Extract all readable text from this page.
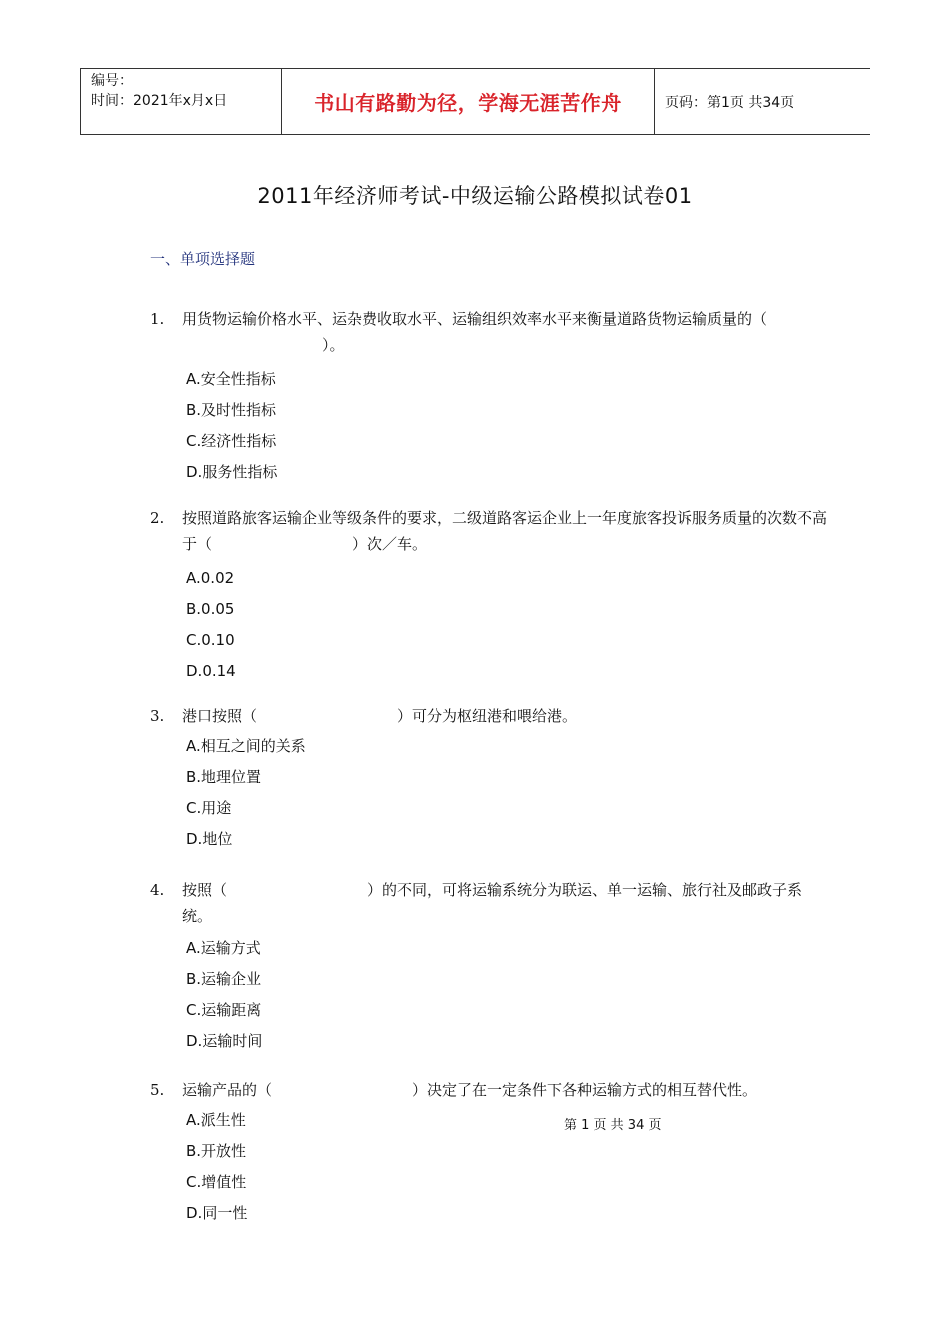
编号：
时间：2021年x月x日	书山有路勤为径，学海无涯苦作舟	页码：第1页 共34页
2011年经济师考试-中级运输公路模拟试卷01
一、单项选择题
1. 用货物运输价格水平、运杂费收取水平、运输组织效率水平来衡量道路货物运输质量的（）。
A.安全性指标
B.及时性指标
C.经济性指标
D.服务性指标
2. 按照道路旅客运输企业等级条件的要求，二级道路客运企业上一年度旅客投诉服务质量的次数不高于（	）次／车。
A.0.02
B.0.05
C.0.10
D.0.14
3. 港口按照（	）可分为枢纽港和喂给港。
A.相互之间的关系
B.地理位置
C.用途
D.地位
4. 按照（	）的不同，可将运输系统分为联运、单一运输、旅行社及邮政子系统。
A.运输方式
B.运输企业
C.运输距离
D.运输时间
5. 运输产品的（	）决定了在一定条件下各种运输方式的相互替代性。
A.派生性
B.开放性
C.增值性
D.同一性
第 1 页 共 34 页
